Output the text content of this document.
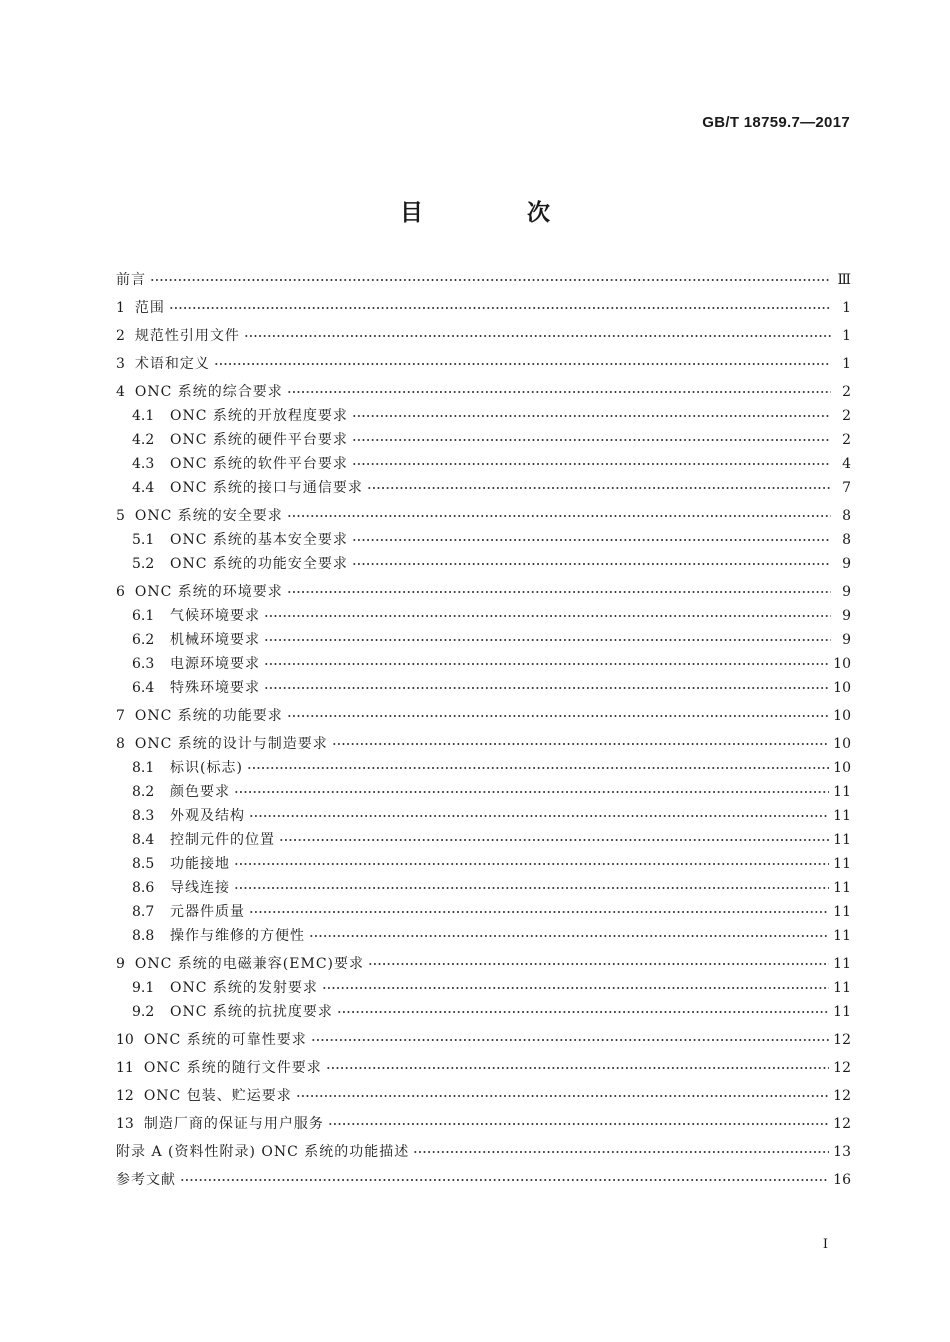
GB/T 18759.7—2017
目 次
前言	Ⅲ
1 范围	1
2 规范性引用文件	1
3 术语和定义	1
4 ONC 系统的综合要求	2
4.1	ONC 系统的开放程度要求	2
4.2	ONC 系统的硬件平台要求	2
4.3	ONC 系统的软件平台要求	4
4.4	ONC 系统的接口与通信要求	7
5 ONC 系统的安全要求	8
5.1	ONC 系统的基本安全要求	8
5.2	ONC 系统的功能安全要求	9
6 ONC 系统的环境要求	9
6.1	气候环境要求	9
6.2	机械环境要求	9
6.3	电源环境要求	10
6.4	特殊环境要求	10
7 ONC 系统的功能要求	10
8 ONC 系统的设计与制造要求	10
8.1	标识(标志)	10
8.2	颜色要求	11
8.3	外观及结构	11
8.4	控制元件的位置	11
8.5	功能接地	11
8.6	导线连接	11
8.7	元器件质量	11
8.8	操作与维修的方便性	11
9 ONC 系统的电磁兼容(EMC)要求	11
9.1	ONC 系统的发射要求	11
9.2	ONC 系统的抗扰度要求	11
10 ONC 系统的可靠性要求	12
11 ONC 系统的随行文件要求	12
12 ONC 包装、贮运要求	12
13 制造厂商的保证与用户服务	12
附录 A (资料性附录) ONC 系统的功能描述	13
参考文献	16
I
